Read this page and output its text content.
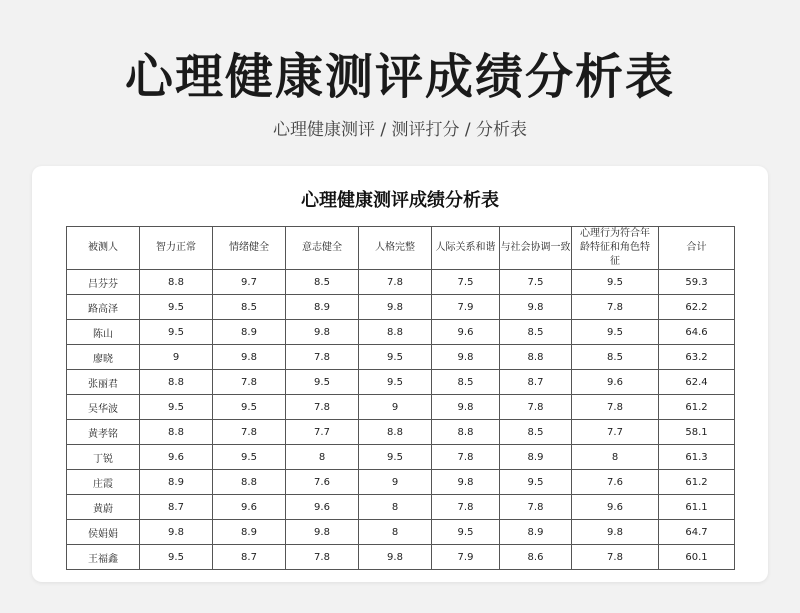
心理健康测评成绩分析表
心理健康测评 / 测评打分 / 分析表
心理健康测评成绩分析表
被测人	智力正常	情绪健全	意志健全	人格完整	人际关系和谐	与社会协调一致	心理行为符合年龄特征和角色特征	合计
吕芬芬	8.8	9.7	8.5	7.8	7.5	7.5	9.5	59.3
路高泽	9.5	8.5	8.9	9.8	7.9	9.8	7.8	62.2
陈山	9.5	8.9	9.8	8.8	9.6	8.5	9.5	64.6
廖晓	9	9.8	7.8	9.5	9.8	8.8	8.5	63.2
张丽君	8.8	7.8	9.5	9.5	8.5	8.7	9.6	62.4
吴华波	9.5	9.5	7.8	9	9.8	7.8	7.8	61.2
黄孝铭	8.8	7.8	7.7	8.8	8.8	8.5	7.7	58.1
丁锐	9.6	9.5	8	9.5	7.8	8.9	8	61.3
庄霞	8.9	8.8	7.6	9	9.8	9.5	7.6	61.2
黄蔚	8.7	9.6	9.6	8	7.8	7.8	9.6	61.1
侯娟娟	9.8	8.9	9.8	8	9.5	8.9	9.8	64.7
王福鑫	9.5	8.7	7.8	9.8	7.9	8.6	7.8	60.1
